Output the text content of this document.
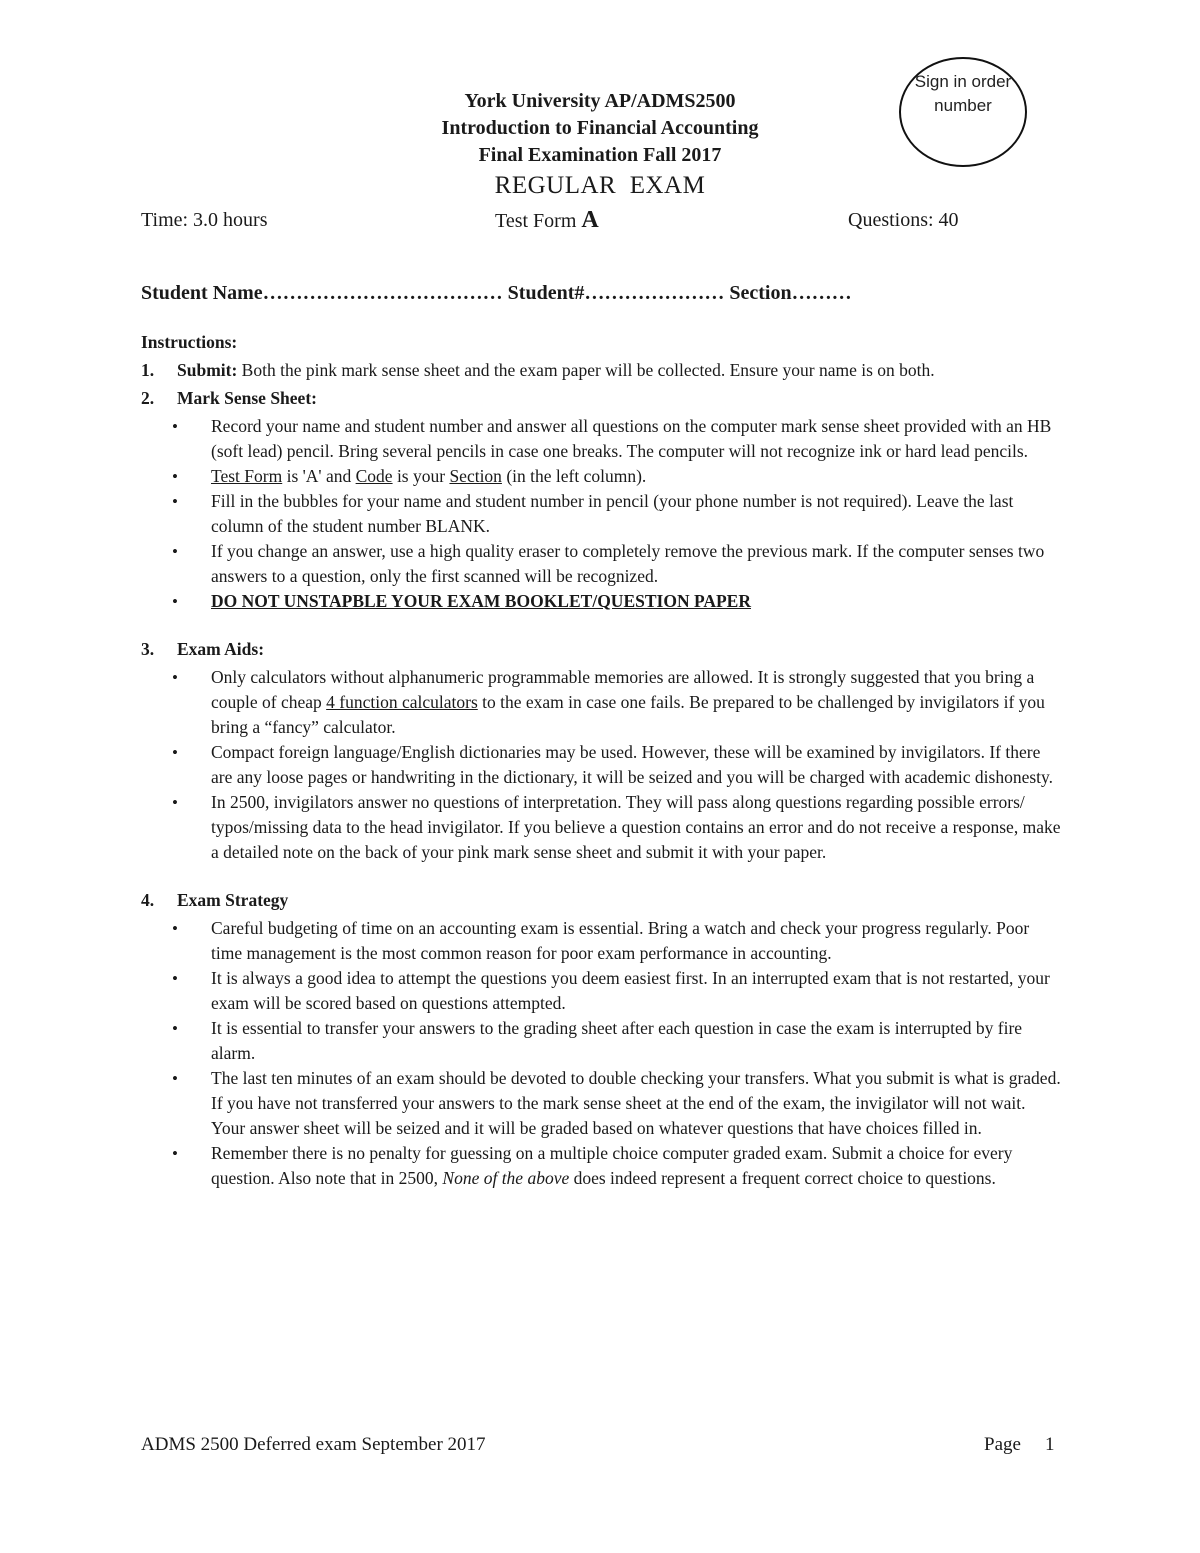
York University AP/ADMS2500
Introduction to Financial Accounting
Final Examination Fall 2017
REGULAR  EXAM
Sign in order
number
Time: 3.0 hours	Test Form A	Questions: 40
Student Name……………………………… Student#………………… Section………
Instructions:
1. Submit: Both the pink mark sense sheet and the exam paper will be collected. Ensure your name is on both.
2. Mark Sense Sheet:
• Record your name and student number and answer all questions on the computer mark sense sheet provided with an HB (soft lead) pencil. Bring several pencils in case one breaks. The computer will not recognize ink or hard lead pencils.
• Test Form is 'A' and Code is your Section (in the left column).
• Fill in the bubbles for your name and student number in pencil (your phone number is not required). Leave the last column of the student number BLANK.
• If you change an answer, use a high quality eraser to completely remove the previous mark. If the computer senses two answers to a question, only the first scanned will be recognized.
• DO NOT UNSTAPBLE YOUR EXAM BOOKLET/QUESTION PAPER
3. Exam Aids:
• Only calculators without alphanumeric programmable memories are allowed. It is strongly suggested that you bring a couple of cheap 4 function calculators to the exam in case one fails. Be prepared to be challenged by invigilators if you bring a “fancy” calculator.
• Compact foreign language/English dictionaries may be used. However, these will be examined by invigilators. If there are any loose pages or handwriting in the dictionary, it will be seized and you will be charged with academic dishonesty.
• In 2500, invigilators answer no questions of interpretation. They will pass along questions regarding possible errors/ typos/missing data to the head invigilator. If you believe a question contains an error and do not receive a response, make a detailed note on the back of your pink mark sense sheet and submit it with your paper.
4. Exam Strategy
• Careful budgeting of time on an accounting exam is essential. Bring a watch and check your progress regularly. Poor time management is the most common reason for poor exam performance in accounting.
• It is always a good idea to attempt the questions you deem easiest first. In an interrupted exam that is not restarted, your exam will be scored based on questions attempted.
• It is essential to transfer your answers to the grading sheet after each question in case the exam is interrupted by fire alarm.
• The last ten minutes of an exam should be devoted to double checking your transfers. What you submit is what is graded. If you have not transferred your answers to the mark sense sheet at the end of the exam, the invigilator will not wait. Your answer sheet will be seized and it will be graded based on whatever questions that have choices filled in.
• Remember there is no penalty for guessing on a multiple choice computer graded exam. Submit a choice for every question. Also note that in 2500, None of the above does indeed represent a frequent correct choice to questions.
ADMS 2500 Deferred exam September 2017	Page 1
